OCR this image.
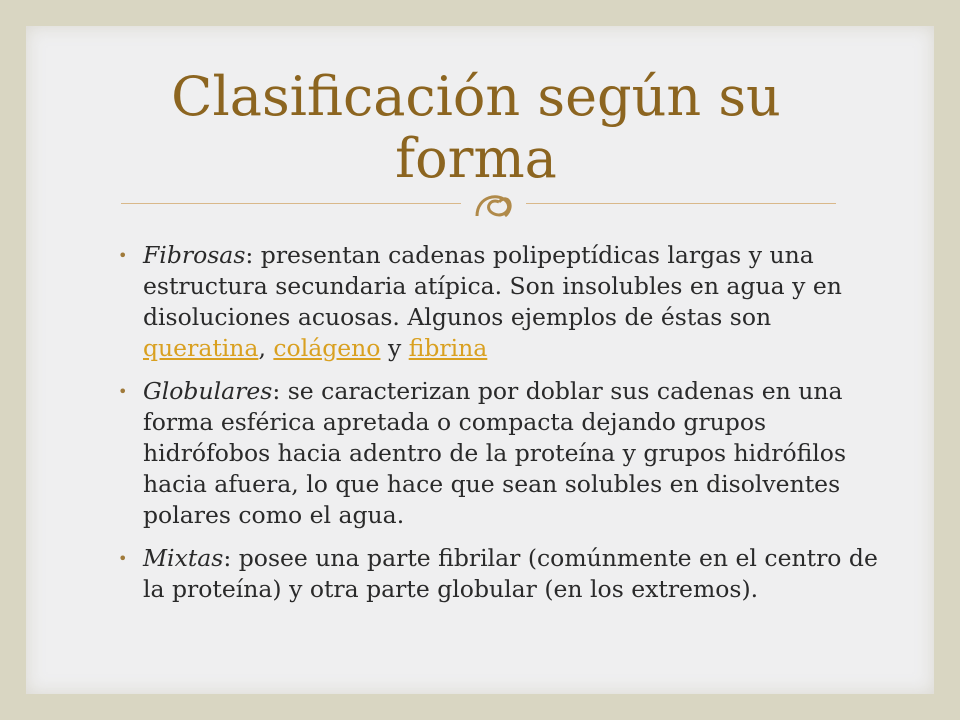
Clasificación según su forma
• Fibrosas: presentan cadenas polipeptídicas largas y una estructura secundaria atípica. Son insolubles en agua y en disoluciones acuosas. Algunos ejemplos de éstas son queratina, colágeno y fibrina
• Globulares: se caracterizan por doblar sus cadenas en una forma esférica apretada o compacta dejando grupos hidrófobos hacia adentro de la proteína y grupos hidrófilos hacia afuera, lo que hace que sean solubles en disolventes polares como el agua.
• Mixtas: posee una parte fibrilar (comúnmente en el centro de la proteína) y otra parte globular (en los extremos).
